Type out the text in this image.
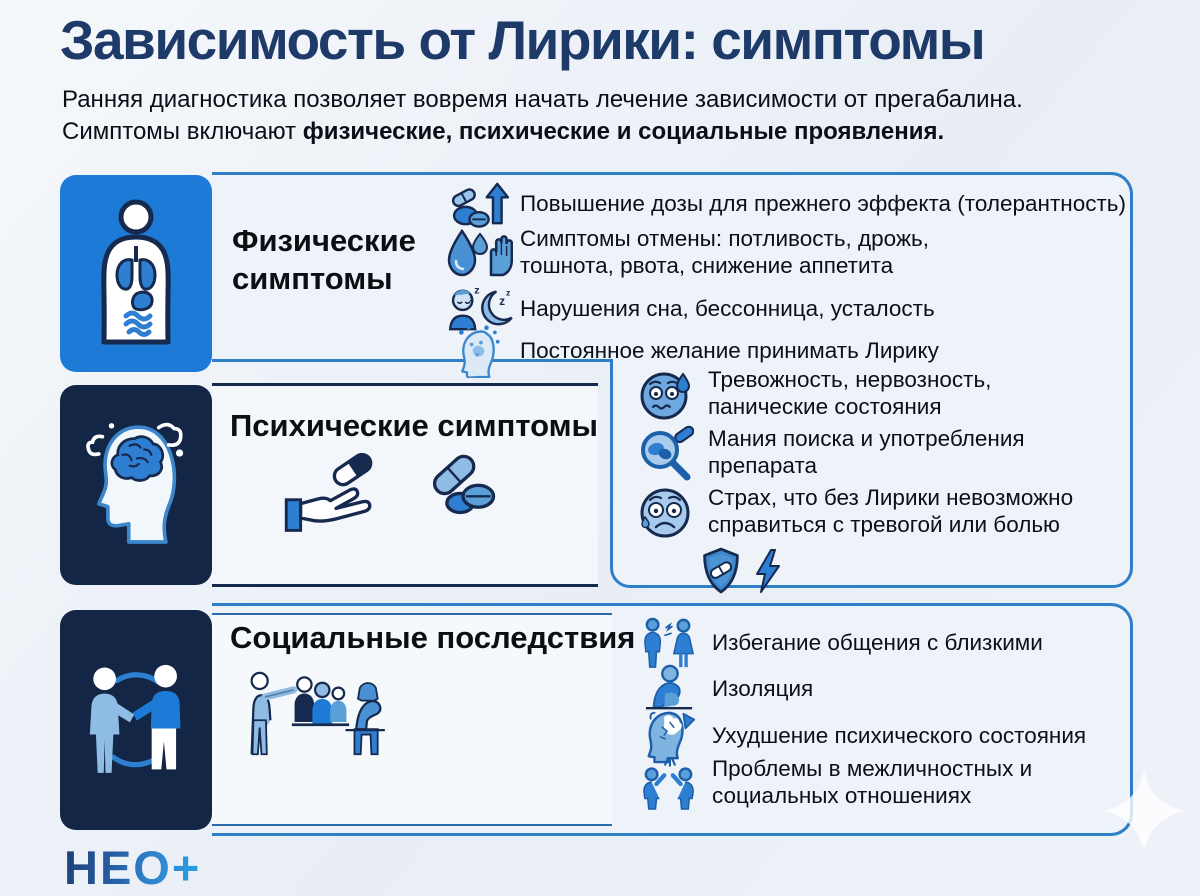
Зависимость от Лирики: симптомы

Ранняя диагностика позволяет вовремя начать лечение зависимости от прегабалина.
Симптомы включают физические, психические и социальные проявления.

Физические
симптомы
Повышение дозы для прежнего эффекта (толерантность)
Симптомы отмены: потливость, дрожь, тошнота, рвота, снижение аппетита
z
z z
z
Нарушения сна, бессонница, усталость
Постоянное желание принимать Лирику
Психические симптомы
Тревожность, нервозность, панические состояния
Мания поиска и употребления препарата
Страх, что без Лирики невозможно справиться с тревогой или болью
Социальные последствия	Избегание общения с близкими
Изоляция
Ухудшение психического состояния
Проблемы в межличностных и социальных отношениях
НЕО+
